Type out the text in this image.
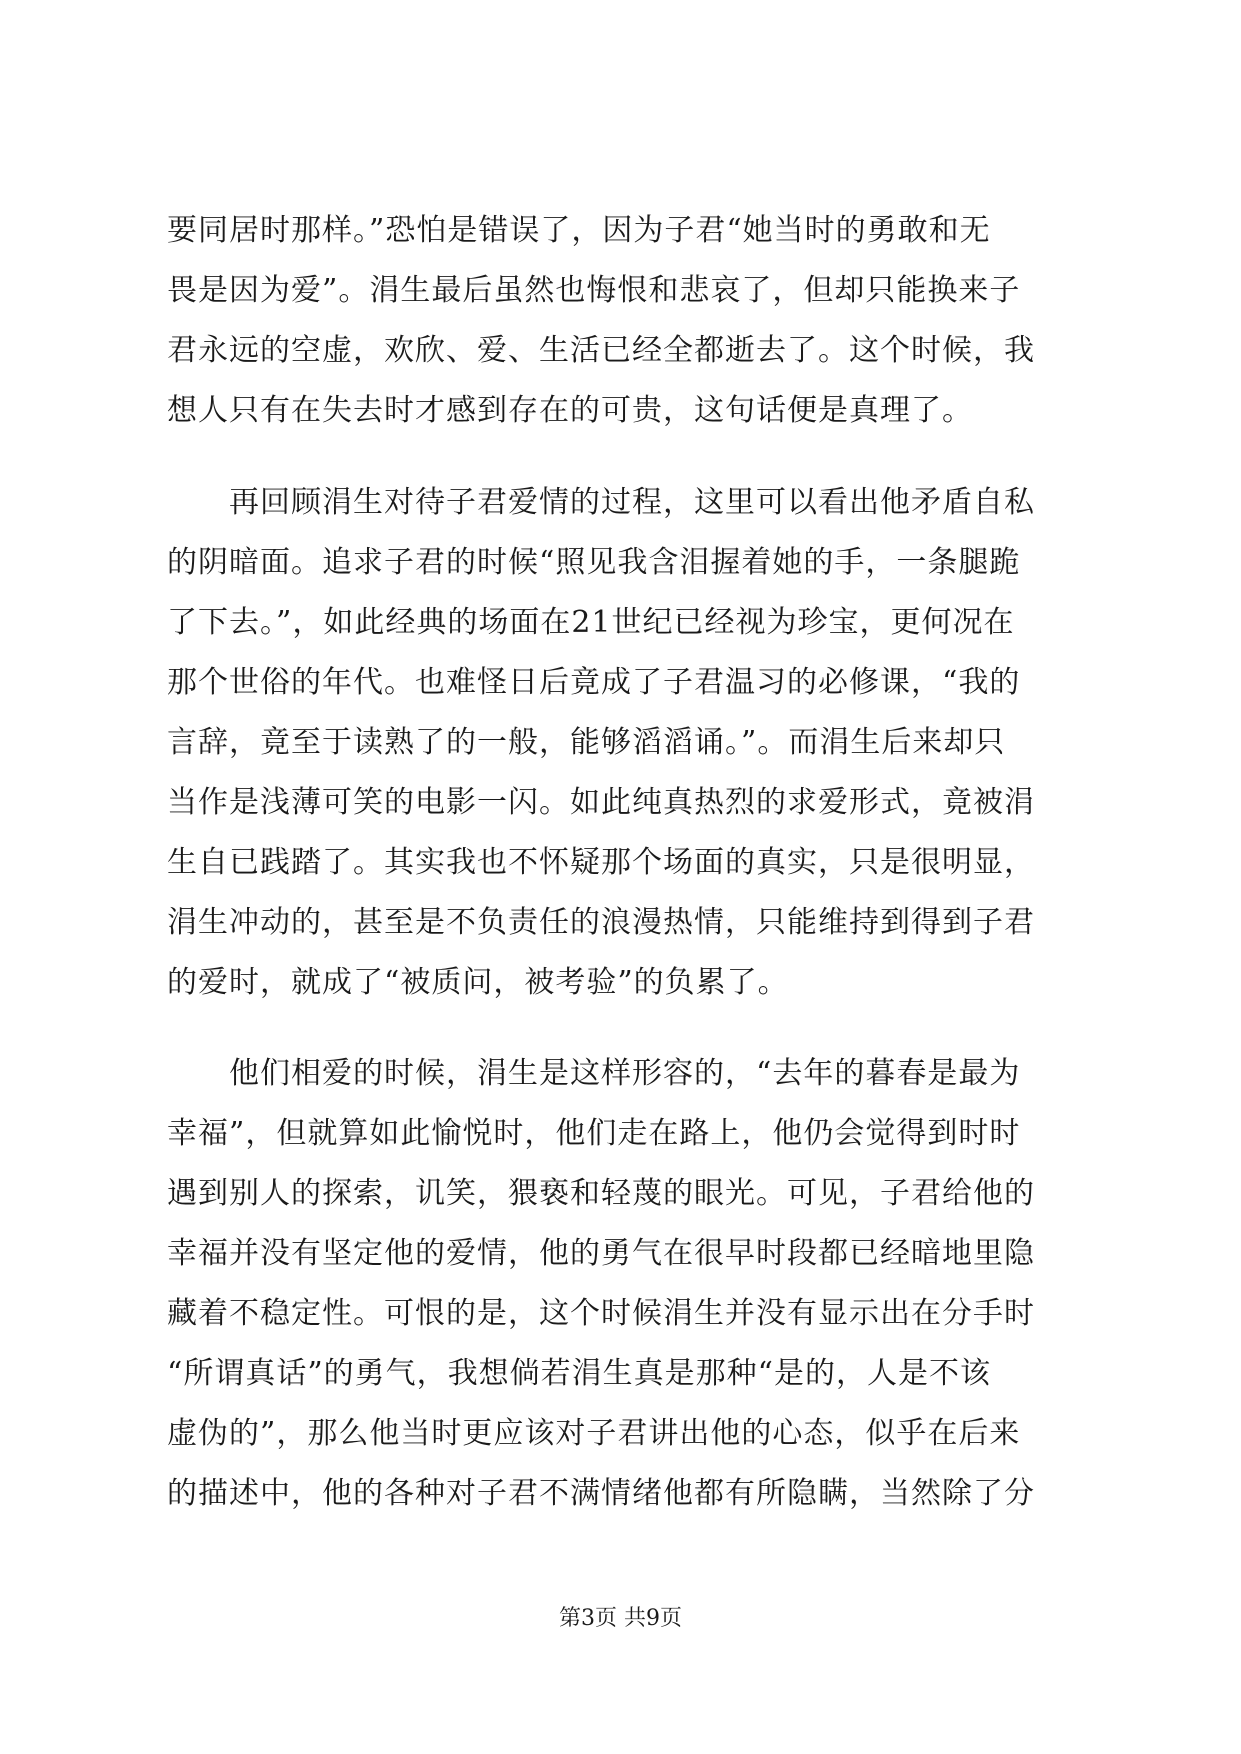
要同居时那样。”恐怕是错误了，因为子君“她当时的勇敢和无
畏是因为爱”。涓生最后虽然也悔恨和悲哀了，但却只能换来子
君永远的空虚，欢欣、爱、生活已经全都逝去了。这个时候，我
想人只有在失去时才感到存在的可贵，这句话便是真理了。
　　再回顾涓生对待子君爱情的过程，这里可以看出他矛盾自私
的阴暗面。追求子君的时候“照见我含泪握着她的手，一条腿跪
了下去。”，如此经典的场面在21世纪已经视为珍宝，更何况在
那个世俗的年代。也难怪日后竟成了子君温习的必修课，“我的
言辞，竟至于读熟了的一般，能够滔滔诵。”。而涓生后来却只
当作是浅薄可笑的电影一闪。如此纯真热烈的求爱形式，竟被涓
生自已践踏了。其实我也不怀疑那个场面的真实，只是很明显，
涓生冲动的，甚至是不负责任的浪漫热情，只能维持到得到子君
的爱时，就成了“被质问，被考验”的负累了。
　　他们相爱的时候，涓生是这样形容的，“去年的暮春是最为
幸福”，但就算如此愉悦时，他们走在路上，他仍会觉得到时时
遇到别人的探索，讥笑，猥亵和轻蔑的眼光。可见，子君给他的
幸福并没有坚定他的爱情，他的勇气在很早时段都已经暗地里隐
藏着不稳定性。可恨的是，这个时候涓生并没有显示出在分手时
“所谓真话”的勇气，我想倘若涓生真是那种“是的，人是不该
虚伪的”，那么他当时更应该对子君讲出他的心态，似乎在后来
的描述中，他的各种对子君不满情绪他都有所隐瞒，当然除了分
第3页 共9页
